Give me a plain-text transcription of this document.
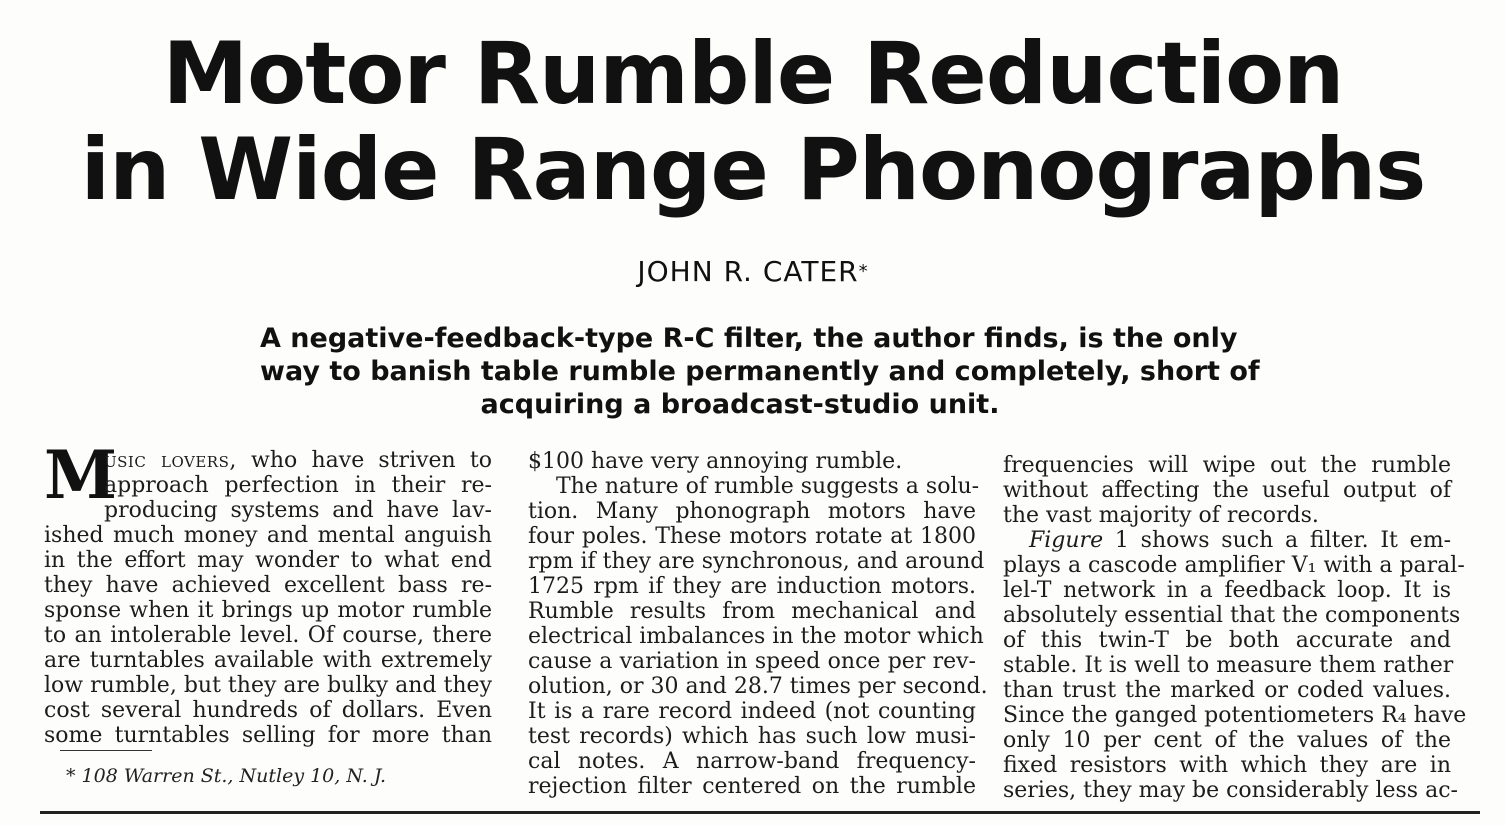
Motor Rumble Reduction
in Wide Range Phonographs
JOHN R. CATER*
A negative-feedback-type R-C filter, the author finds, is the only
way to banish table rumble permanently and completely, short of
acquiring a broadcast-studio unit.
M
usic lovers, who have striven to
approach perfection in their re-
producing systems and have lav-
ished much money and mental anguish
in the effort may wonder to what end
they have achieved excellent bass re-
sponse when it brings up motor rumble
to an intolerable level. Of course, there
are turntables available with extremely
low rumble, but they are bulky and they
cost several hundreds of dollars. Even
some turntables selling for more than
* 108 Warren St., Nutley 10, N. J.
$100 have very annoying rumble.
The nature of rumble suggests a solu-
tion. Many phonograph motors have
four poles. These motors rotate at 1800
rpm if they are synchronous, and around
1725 rpm if they are induction motors.
Rumble results from mechanical and
electrical imbalances in the motor which
cause a variation in speed once per rev-
olution, or 30 and 28.7 times per second.
It is a rare record indeed (not counting
test records) which has such low musi-
cal notes. A narrow-band frequency-
rejection filter centered on the rumble
frequencies will wipe out the rumble
without affecting the useful output of
the vast majority of records.
Figure 1 shows such a filter. It em-
plays a cascode amplifier V₁ with a paral-
lel-T network in a feedback loop. It is
absolutely essential that the components
of this twin-T be both accurate and
stable. It is well to measure them rather
than trust the marked or coded values.
Since the ganged potentiometers R₄ have
only 10 per cent of the values of the
fixed resistors with which they are in
series, they may be considerably less ac-
